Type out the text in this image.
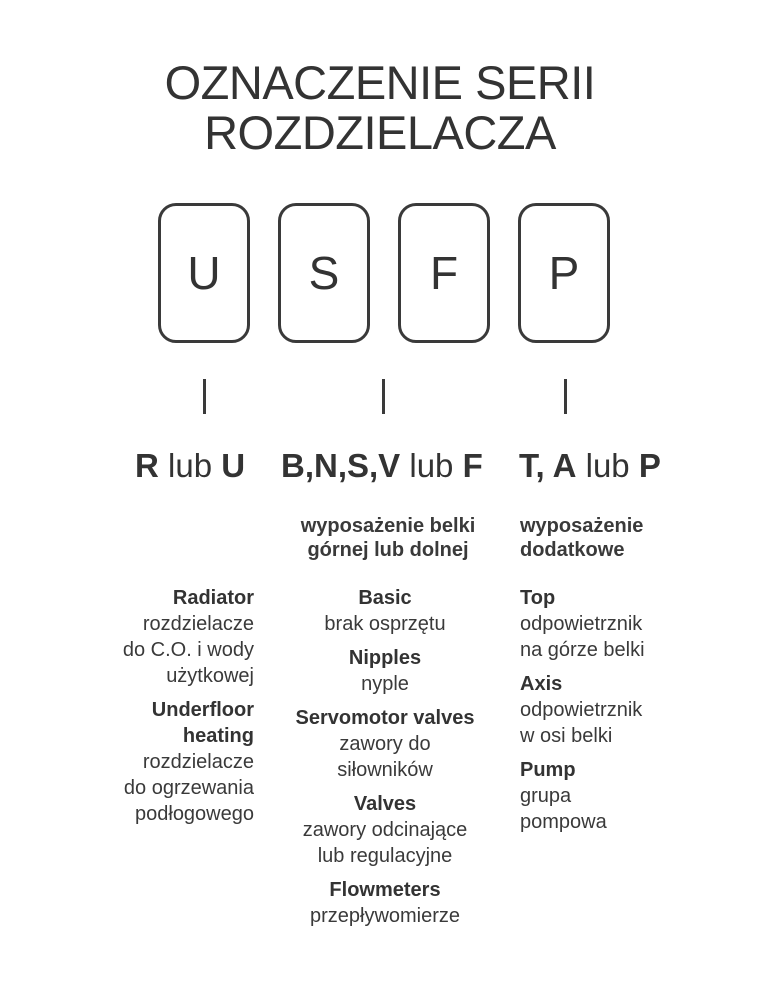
OZNACZENIE SERII
ROZDZIELACZA
U	S	F	P
R lub U B,N,S,V lub F T, A lub P
wyposażenie belki
górnej lub dolnej
wyposażenie
dodatkowe
Radiator
rozdzielacze
do C.O. i wody
użytkowej
Underfloor
heating
rozdzielacze
do ogrzewania
podłogowego
Basic
brak osprzętu
Nipples
nyple
Servomotor valves
zawory do
siłowników
Valves
zawory odcinające
lub regulacyjne
Flowmeters
przepływomierze
Top
odpowietrznik
na górze belki
Axis
odpowietrznik
w osi belki
Pump
grupa
pompowa
